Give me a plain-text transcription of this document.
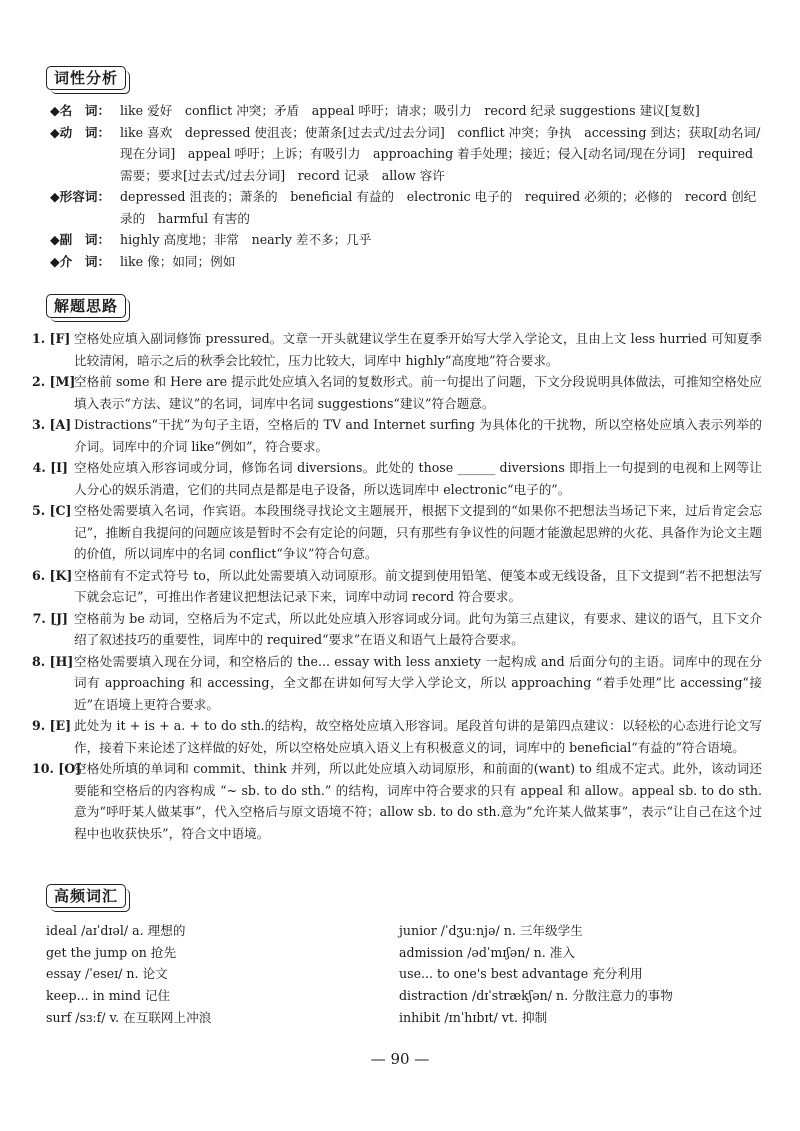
词性分析
◆名　词： like 爱好　conflict 冲突；矛盾　appeal 呼吁；请求；吸引力　record 纪录 suggestions 建议[复数]
◆动　词： like 喜欢　depressed 使沮丧；使萧条[过去式/过去分词]　conflict 冲突；争执　accessing 到达；获取[动名词/现在分词]　appeal 呼吁；上诉；有吸引力　approaching 着手处理；接近；侵入[动名词/现在分词]　required 需要；要求[过去式/过去分词]　record 记录　allow 容许
◆形容词： depressed 沮丧的；萧条的　beneficial 有益的　electronic 电子的　required 必须的；必修的　record 创纪录的　harmful 有害的
◆副　词： highly 高度地；非常　nearly 差不多；几乎
◆介　词： like 像；如同；例如
解题思路
1. [F] 空格处应填入副词修饰 pressured。文章一开头就建议学生在夏季开始写大学入学论文，且由上文 less hurried 可知夏季比较清闲，暗示之后的秋季会比较忙，压力比较大，词库中 highly“高度地”符合要求。
2. [M]
空格前 some 和 Here are 提示此处应填入名词的复数形式。前一句提出了问题，下文分段说明具体做法，可推知空格处应填入表示“方法、建议”的名词，词库中名词 suggestions“建议”符合题意。
3. [A] Distractions“干扰”为句子主语，空格后的 TV and Internet surfing 为具体化的干扰物，所以空格处应填入表示列举的介词。词库中的介词 like“例如”，符合要求。
4. [I] 空格处应填入形容词或分词，修饰名词 diversions。此处的 those ______ diversions 即指上一句提到的电视和上网等让人分心的娱乐消遣，它们的共同点是都是电子设备，所以选词库中 electronic“电子的”。
5. [C] 空格处需要填入名词，作宾语。本段围绕寻找论文主题展开，根据下文提到的“如果你不把想法当场记下来，过后肯定会忘记”，推断自我提问的问题应该是暂时不会有定论的问题，只有那些有争议性的问题才能激起思辨的火花、具备作为论文主题的价值，所以词库中的名词 conflict“争议”符合句意。
6. [K] 空格前有不定式符号 to，所以此处需要填入动词原形。前文提到使用铅笔、便笺本或无线设备，且下文提到“若不把想法写下就会忘记”，可推出作者建议把想法记录下来，词库中动词 record 符合要求。
7. [J] 空格前为 be 动词，空格后为不定式，所以此处应填入形容词或分词。此句为第三点建议，有要求、建议的语气，且下文介绍了叙述技巧的重要性，词库中的 required“要求”在语义和语气上最符合要求。
8. [H] 空格处需要填入现在分词，和空格后的 the... essay with less anxiety 一起构成 and 后面分句的主语。词库中的现在分词有 approaching 和 accessing，全文都在讲如何写大学入学论文，所以 approaching “着手处理”比 accessing“接近”在语境上更符合要求。
9. [E] 此处为 it + is + a. + to do sth.的结构，故空格处应填入形容词。尾段首句讲的是第四点建议：以轻松的心态进行论文写作，接着下来论述了这样做的好处，所以空格处应填入语义上有积极意义的词，词库中的 beneficial“有益的”符合语境。
10. [O]
空格处所填的单词和 commit、think 并列，所以此处应填入动词原形，和前面的(want) to 组成不定式。此外，该动词还要能和空格后的内容构成 “~ sb. to do sth.” 的结构，词库中符合要求的只有 appeal 和 allow。appeal sb. to do sth.意为“呼吁某人做某事”，代入空格后与原文语境不符；allow sb. to do sth.意为“允许某人做某事”，表示“让自己在这个过程中也收获快乐”，符合文中语境。
高频词汇
ideal /aɪˈdɪəl/ a. 理想的
get the jump on 抢先
essay /ˈeseɪ/ n. 论文
keep... in mind 记住
surf /sɜːf/ v. 在互联网上冲浪
junior /ˈdʒuːnjə/ n. 三年级学生
admission /ədˈmɪʃən/ n. 准入
use... to one's best advantage 充分利用
distraction /dɪˈstrækʃən/ n. 分散注意力的事物
inhibit /ɪnˈhɪbɪt/ vt. 抑制
— 90 —
